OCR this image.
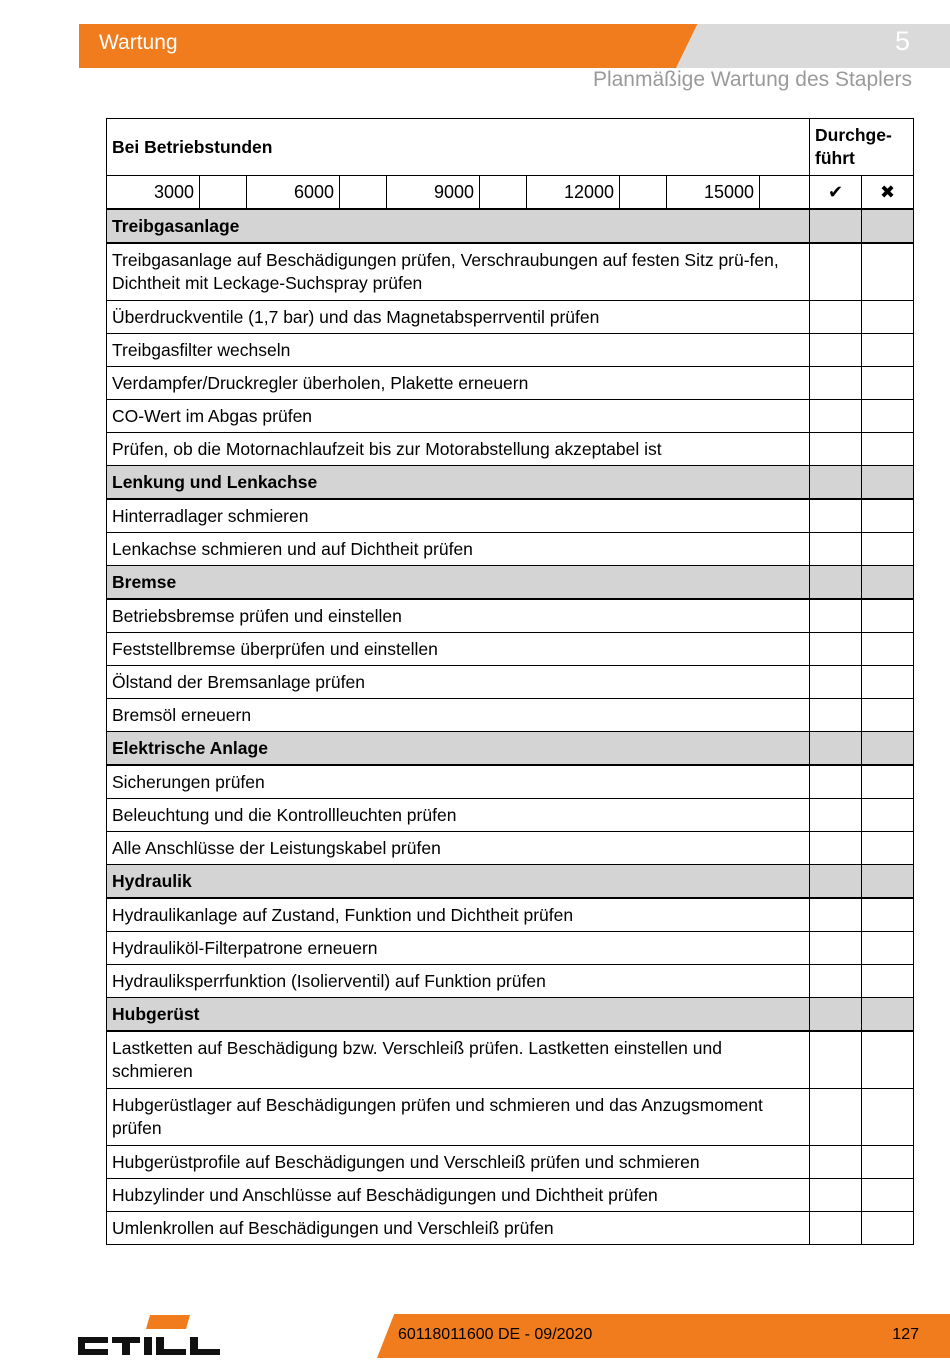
Wartung	5
Planmäßige Wartung des Staplers
Bei Betriebstunden	Durchge-
führt	

3000 6000 9000 12000 15000	✔	✖
Treibgasanlage		
Treibgasanlage auf Beschädigungen prüfen, Verschraubungen auf festen Sitz prü-fen, Dichtheit mit Leckage-Suchspray prüfen		
Überdruckventile (1,7 bar) und das Magnetabsperrventil prüfen		
Treibgasfilter wechseln		
Verdampfer/Druckregler überholen, Plakette erneuern		
CO-Wert im Abgas prüfen		
Prüfen, ob die Motornachlaufzeit bis zur Motorabstellung akzeptabel ist		
Lenkung und Lenkachse		
Hinterradlager schmieren		
Lenkachse schmieren und auf Dichtheit prüfen		
Bremse		
Betriebsbremse prüfen und einstellen		
Feststellbremse überprüfen und einstellen		
Ölstand der Bremsanlage prüfen		
Bremsöl erneuern		
Elektrische Anlage		
Sicherungen prüfen		
Beleuchtung und die Kontrollleuchten prüfen		
Alle Anschlüsse der Leistungskabel prüfen		
Hydraulik		
Hydraulikanlage auf Zustand, Funktion und Dichtheit prüfen		
Hydrauliköl-Filterpatrone erneuern		
Hydrauliksperrfunktion (Isolierventil) auf Funktion prüfen		
Hubgerüst		
Lastketten auf Beschädigung bzw. Verschleiß prüfen. Lastketten einstellen und schmieren		
Hubgerüstlager auf Beschädigungen prüfen und schmieren und das Anzugsmoment prüfen		
Hubgerüstprofile auf Beschädigungen und Verschleiß prüfen und schmieren		
Hubzylinder und Anschlüsse auf Beschädigungen und Dichtheit prüfen		
Umlenkrollen auf Beschädigungen und Verschleiß prüfen		
60118011600 DE - 09/2020	127
